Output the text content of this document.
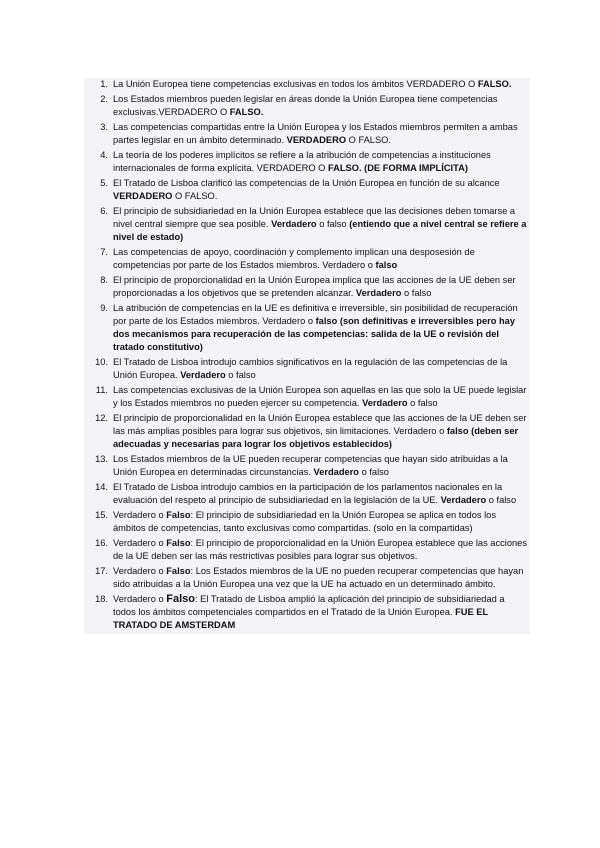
1. La Unión Europea tiene competencias exclusivas en todos los ámbitos VERDADERO O FALSO.
2. Los Estados miembros pueden legislar en áreas donde la Unión Europea tiene competencias exclusivas.VERDADERO O FALSO.
3. Las competencias compartidas entre la Unión Europea y los Estados miembros permiten a ambas partes legislar en un ámbito determinado. VERDADERO O FALSO.
4. La teoría de los poderes implícitos se refiere a la atribución de competencias a instituciones internacionales de forma explícita. VERDADERO O FALSO. (DE FORMA IMPLÍCITA)
5. El Tratado de Lisboa clarificó las competencias de la Unión Europea en función de su alcance VERDADERO O FALSO.
6. El principio de subsidiariedad en la Unión Europea establece que las decisiones deben tomarse a nivel central siempre que sea posible. Verdadero o falso (entiendo que a nivel central se refiere a nivel de estado)
7. Las competencias de apoyo, coordinación y complemento implican una desposesión de competencias por parte de los Estados miembros. Verdadero o falso
8. El principio de proporcionalidad en la Unión Europea implica que las acciones de la UE deben ser proporcionadas a los objetivos que se pretenden alcanzar. Verdadero o falso
9. La atribución de competencias en la UE es definitiva e irreversible, sin posibilidad de recuperación por parte de los Estados miembros. Verdadero o falso (son definitivas e irreversibles pero hay dos mecanismos para recuperación de las competencias: salida de la UE o revisión del tratado constitutivo)
10. El Tratado de Lisboa introdujo cambios significativos en la regulación de las competencias de la Unión Europea. Verdadero o falso
11. Las competencias exclusivas de la Unión Europea son aquellas en las que solo la UE puede legislar y los Estados miembros no pueden ejercer su competencia. Verdadero o falso
12. El principio de proporcionalidad en la Unión Europea establece que las acciones de la UE deben ser las más amplias posibles para lograr sus objetivos, sin limitaciones. Verdadero o falso (deben ser adecuadas y necesarias para lograr los objetivos establecidos)
13. Los Estados miembros de la UE pueden recuperar competencias que hayan sido atribuidas a la Unión Europea en determinadas circunstancias. Verdadero o falso
14. El Tratado de Lisboa introdujo cambios en la participación de los parlamentos nacionales en la evaluación del respeto al principio de subsidiariedad en la legislación de la UE. Verdadero o falso
15. Verdadero o Falso: El principio de subsidiariedad en la Unión Europea se aplica en todos los ámbitos de competencias, tanto exclusivas como compartidas. (solo en la compartidas)
16. Verdadero o Falso: El principio de proporcionalidad en la Unión Europea establece que las acciones de la UE deben ser las más restrictivas posibles para lograr sus objetivos.
17. Verdadero o Falso: Los Estados miembros de la UE no pueden recuperar competencias que hayan sido atribuidas a la Unión Europea una vez que la UE ha actuado en un determinado ámbito.
18. Verdadero o Falso: El Tratado de Lisboa amplió la aplicación del principio de subsidiariedad a todos los ámbitos competenciales compartidos en el Tratado de la Unión Europea. FUE EL TRATADO DE AMSTERDAM
